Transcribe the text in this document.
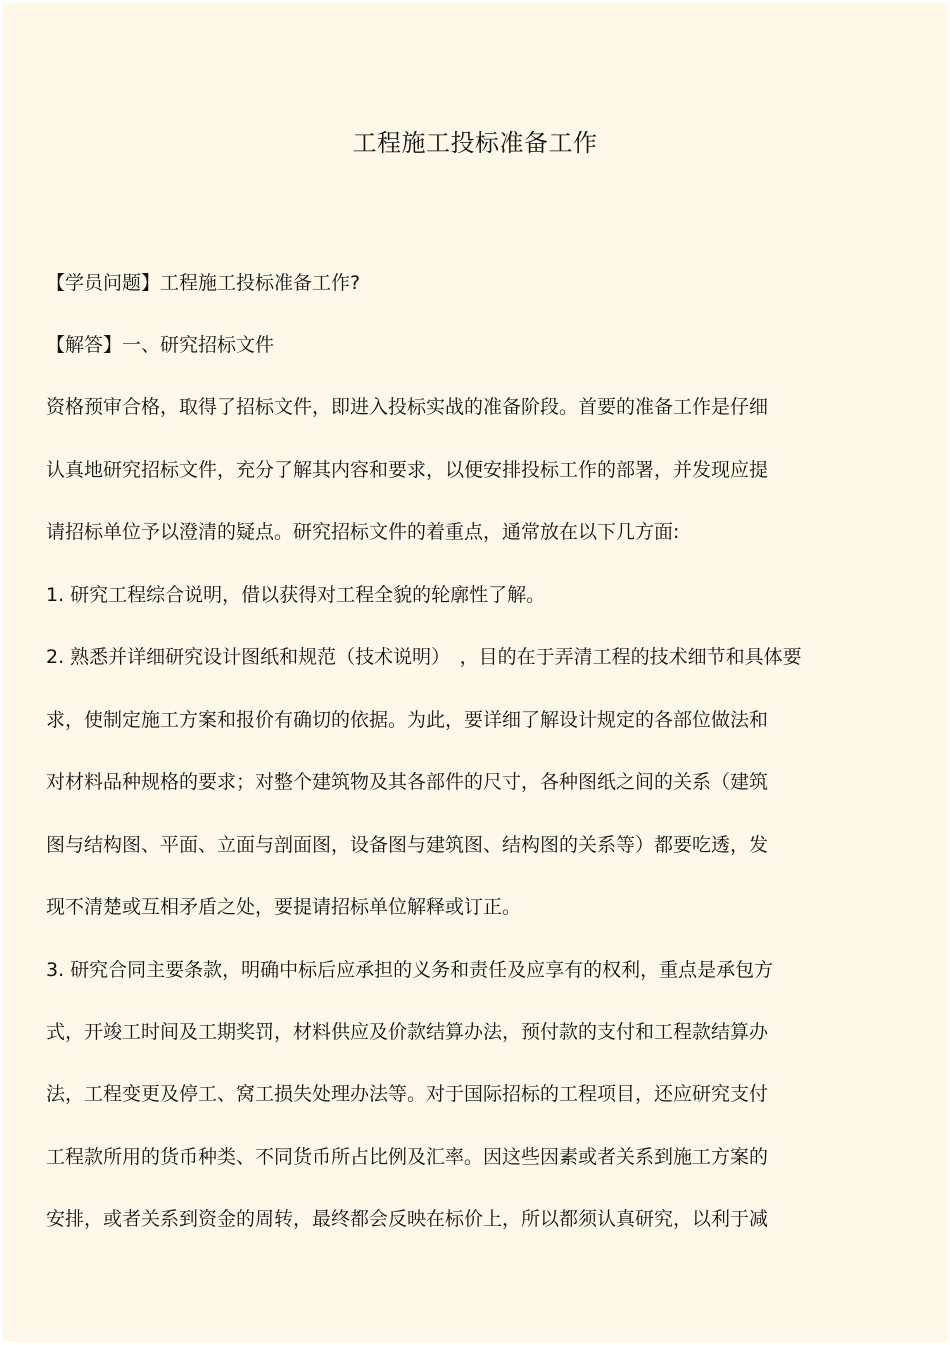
工程施工投标准备工作
【学员问题】工程施工投标准备工作?
【解答】一、研究招标文件
资格预审合格，取得了招标文件，即进入投标实战的准备阶段。首要的准备工作是仔细
认真地研究招标文件，充分了解其内容和要求，以便安排投标工作的部署，并发现应提
请招标单位予以澄清的疑点。研究招标文件的着重点，通常放在以下几方面:
1. 研究工程综合说明，借以获得对工程全貌的轮廓性了解。
2. 熟悉并详细研究设计图纸和规范（技术说明）　，目的在于弄清工程的技术细节和具体要
求，使制定施工方案和报价有确切的依据。为此，要详细了解设计规定的各部位做法和
对材料品种规格的要求；对整个建筑物及其各部件的尺寸，各种图纸之间的关系（建筑
图与结构图、平面、立面与剖面图，设备图与建筑图、结构图的关系等）都要吃透，发
现不清楚或互相矛盾之处，要提请招标单位解释或订正。
3. 研究合同主要条款，明确中标后应承担的义务和责任及应享有的权利，重点是承包方
式，开竣工时间及工期奖罚，材料供应及价款结算办法，预付款的支付和工程款结算办
法，工程变更及停工、窝工损失处理办法等。对于国际招标的工程项目，还应研究支付
工程款所用的货币种类、不同货币所占比例及汇率。因这些因素或者关系到施工方案的
安排，或者关系到资金的周转，最终都会反映在标价上，所以都须认真研究，以利于减
